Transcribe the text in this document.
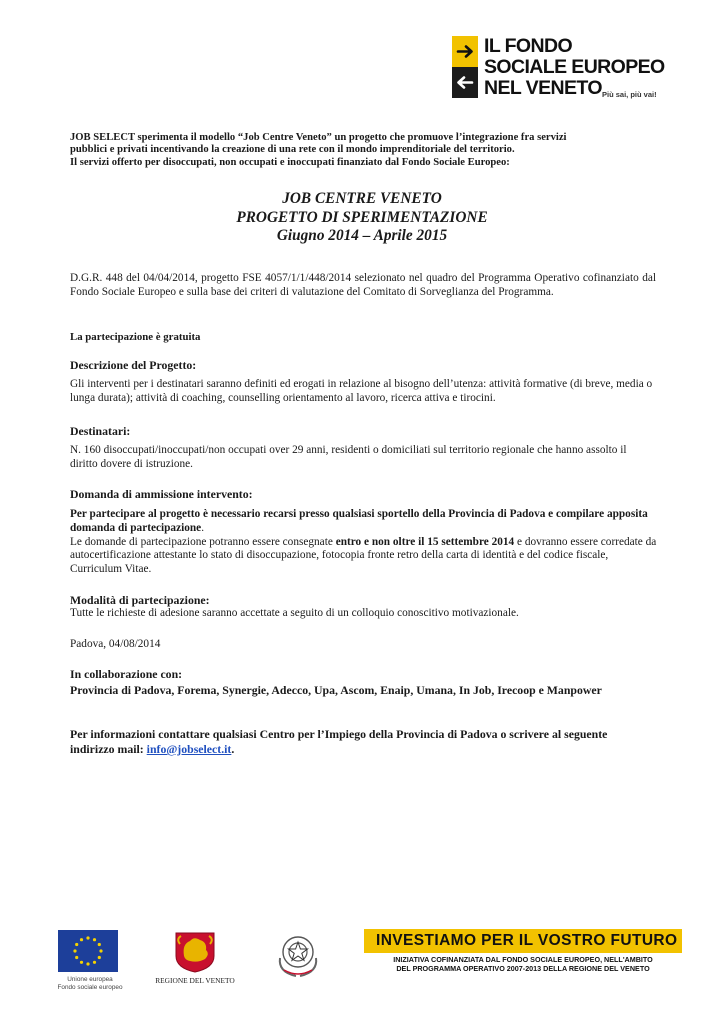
IL FONDO
SOCIALE EUROPEO
NEL VENETO Più sai, più vai!
JOB SELECT sperimenta il modello “Job Centre Veneto” un progetto che promuove l’integrazione fra servizi
pubblici e privati incentivando la creazione di una rete con il mondo imprenditoriale del territorio.
Il servizi offerto per disoccupati, non occupati e inoccupati finanziato dal Fondo Sociale Europeo:
JOB CENTRE VENETO
PROGETTO DI SPERIMENTAZIONE
Giugno 2014 – Aprile 2015
D.G.R. 448 del 04/04/2014, progetto FSE 4057/1/1/448/2014 selezionato nel quadro del Programma Operativo cofinanziato dal Fondo Sociale Europeo e sulla base dei criteri di valutazione del Comitato di Sorveglianza del Programma.
La partecipazione è gratuita
Descrizione del Progetto:
Gli interventi per i destinatari saranno definiti ed erogati in relazione al bisogno dell’utenza: attività formative (di breve, media o lunga durata); attività di coaching, counselling orientamento al lavoro, ricerca attiva e tirocini.
Destinatari:
N. 160 disoccupati/inoccupati/non occupati over 29 anni, residenti o domiciliati sul territorio regionale che hanno assolto il diritto dovere di istruzione.
Domanda di ammissione intervento:
Per partecipare al progetto è necessario recarsi presso qualsiasi sportello della Provincia di Padova e compilare apposita domanda di partecipazione.
Le domande di partecipazione potranno essere consegnate entro e non oltre il 15 settembre 2014 e dovranno essere corredate da autocertificazione attestante lo stato di disoccupazione, fotocopia fronte retro della carta di identità e del codice fiscale, Curriculum Vitae.
Modalità di partecipazione:
Tutte le richieste di adesione saranno accettate a seguito di un colloquio conoscitivo motivazionale.
Padova, 04/08/2014
In collaborazione con:
Provincia di Padova, Forema, Synergie, Adecco, Upa, Ascom, Enaip, Umana, In Job, Irecoop e Manpower
Per informazioni contattare qualsiasi Centro per l’Impiego della Provincia di Padova o scrivere al seguente
indirizzo mail: info@jobselect.it.
Unione europea
Fondo sociale europeo
REGIONE DEL VENETO
INVESTIAMO PER IL VOSTRO FUTURO
INIZIATIVA COFINANZIATA DAL FONDO SOCIALE EUROPEO, NELL'AMBITO
DEL PROGRAMMA OPERATIVO 2007-2013 DELLA REGIONE DEL VENETO
